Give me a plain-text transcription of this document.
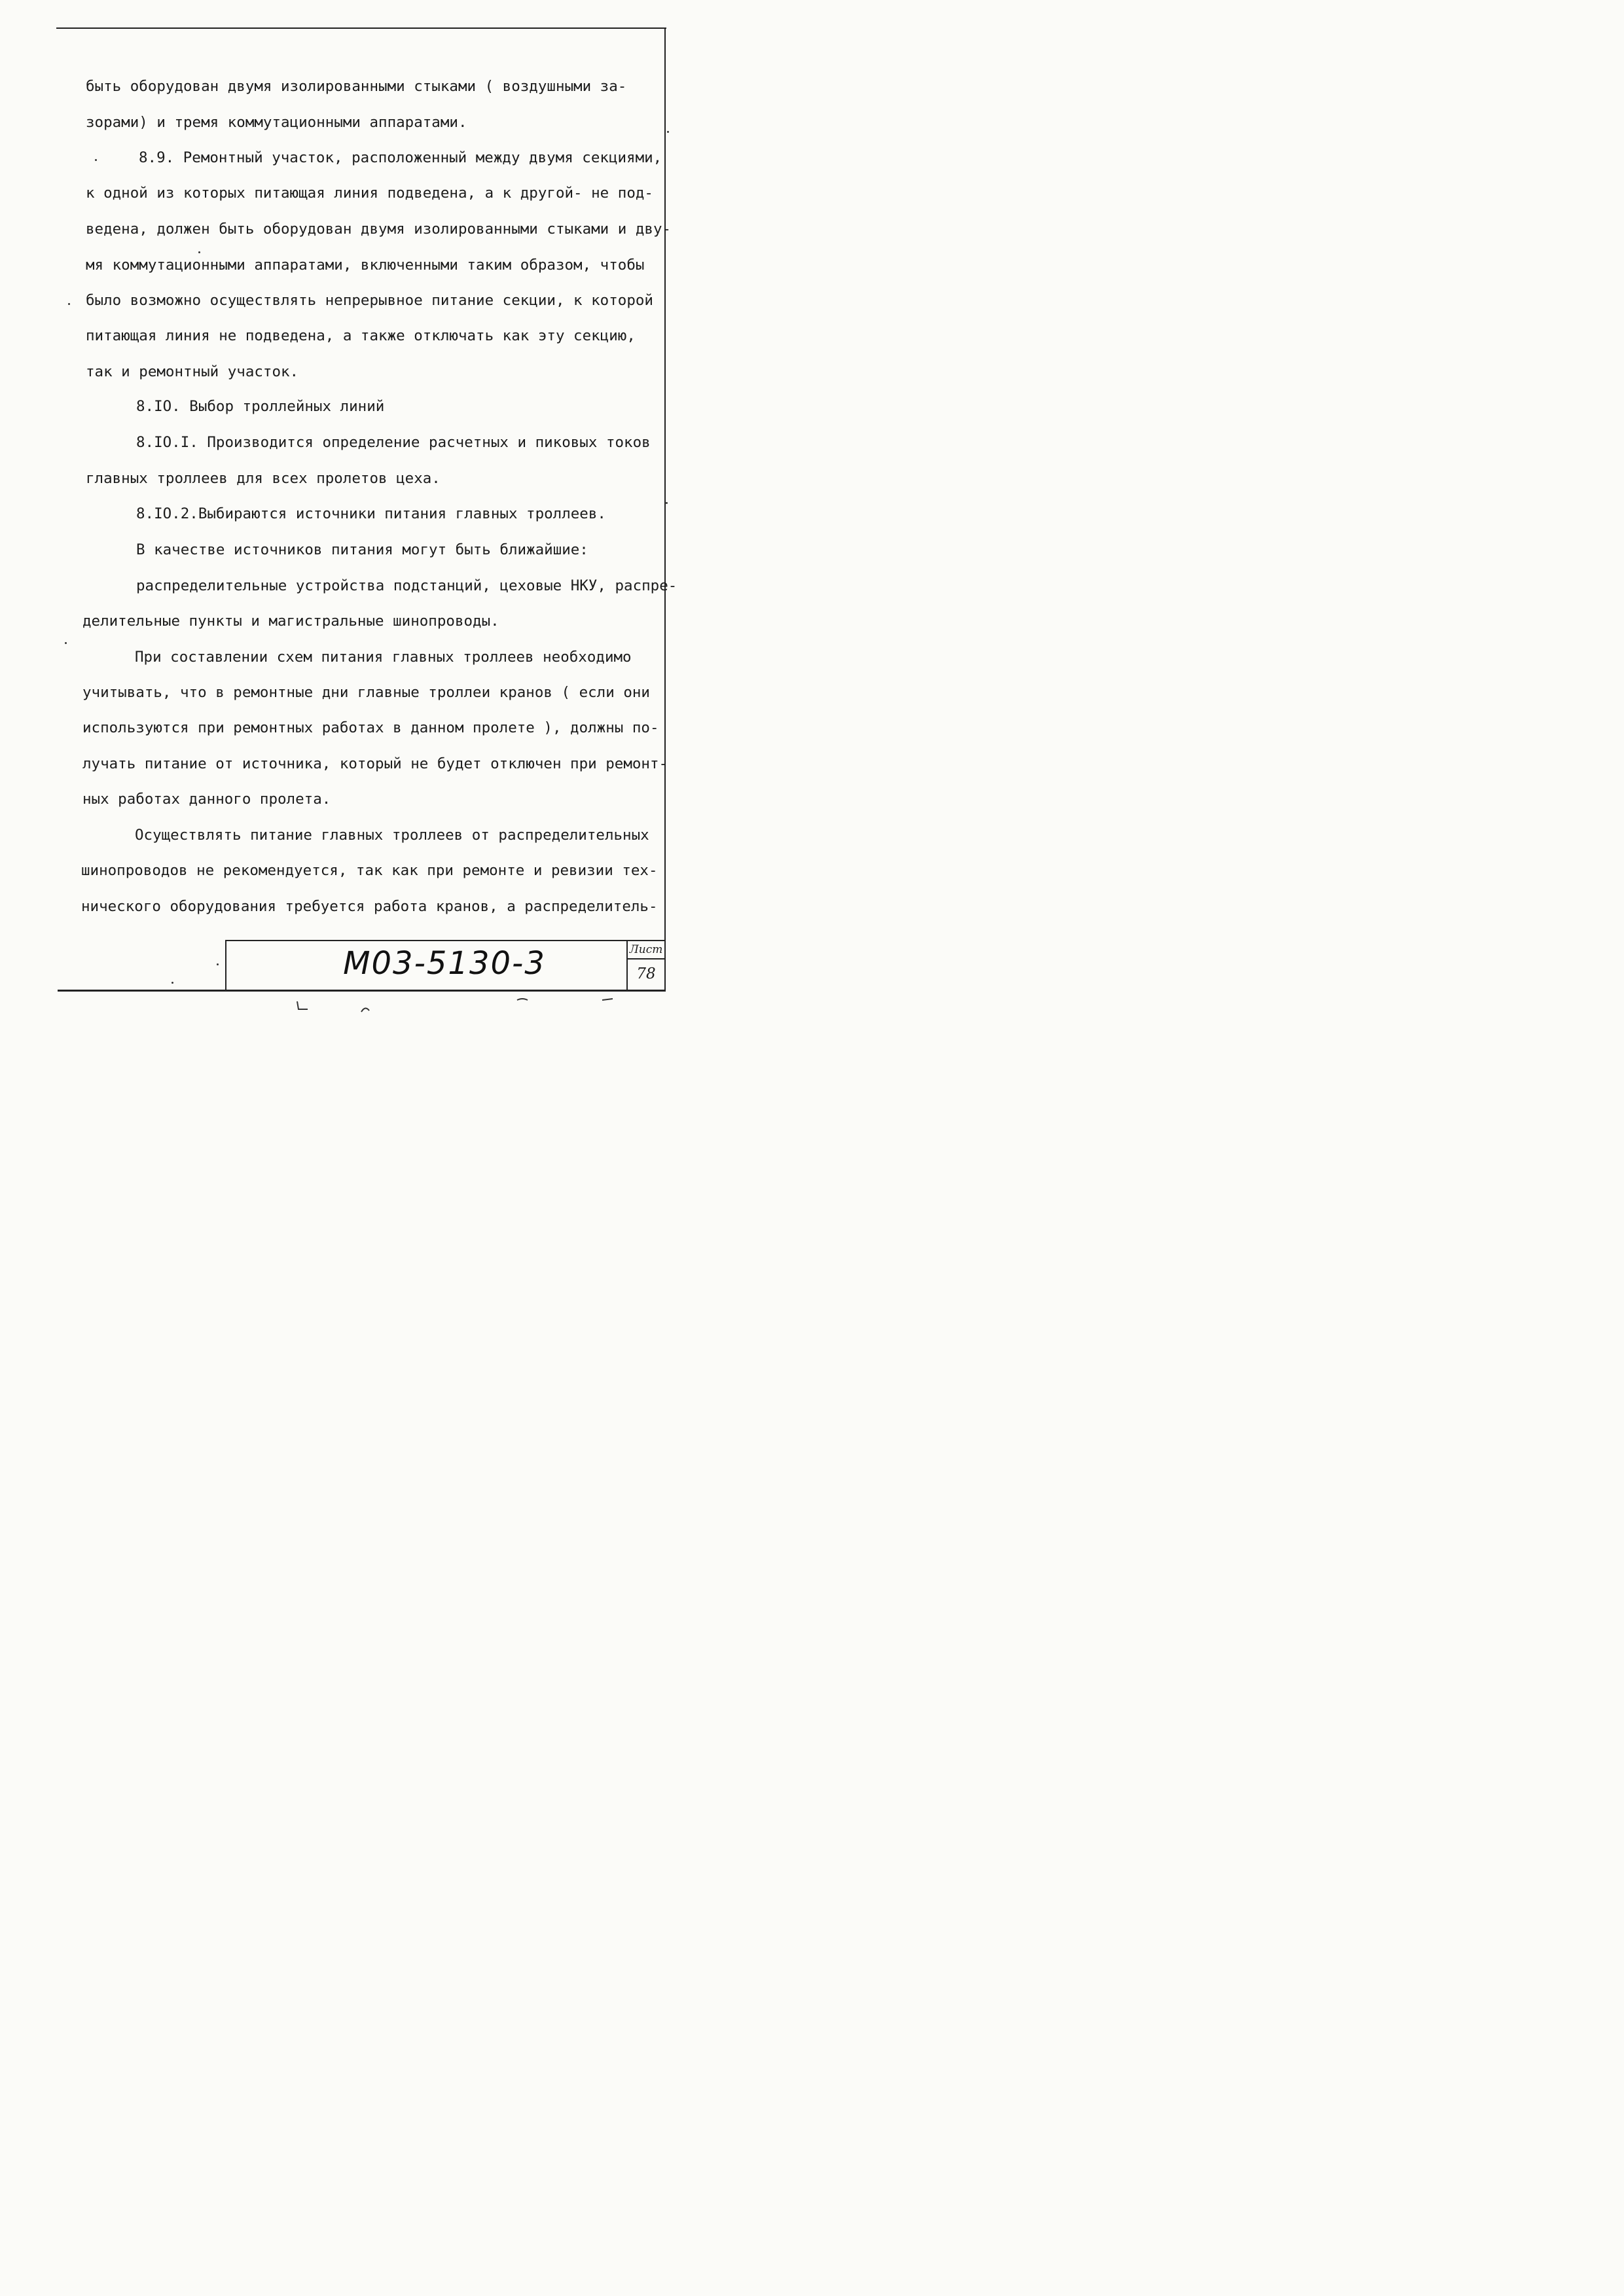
быть оборудован двумя изолированными стыками ( воздушными за-
зорами) и тремя коммутационными аппаратами.
8.9. Ремонтный участок, расположенный между двумя секциями,
к одной из которых питающая линия подведена, а к другой- не под-
ведена, должен быть оборудован двумя изолированными стыками и дву-
мя коммутационными аппаратами, включенными таким образом, чтобы
было возможно осуществлять непрерывное питание секции, к которой
питающая линия не подведена, а также отключать как эту секцию,
так и ремонтный участок.
8.IO. Выбор троллейных линий
8.IO.I. Производится определение расчетных и пиковых токов
главных троллеев для всех пролетов цеха.
8.IO.2.Выбираются источники питания главных троллеев.
В качестве источников питания могут быть ближайшие:
распределительные устройства подстанций, цеховые НКУ, распре-
делительные пункты и магистральные шинопроводы.
При составлении схем питания главных троллеев необходимо
учитывать, что в ремонтные дни главные троллеи кранов ( если они
используются при ремонтных работах в данном пролете ), должны по-
лучать питание от источника, который не будет отключен при ремонт-
ных работах данного пролета.
Осуществлять питание главных троллеев от распределительных
шинопроводов не рекомендуется, так как при ремонте и ревизии тех-
нического оборудования требуется работа кранов, а распределитель-
М03-5130-3	Лист
78
